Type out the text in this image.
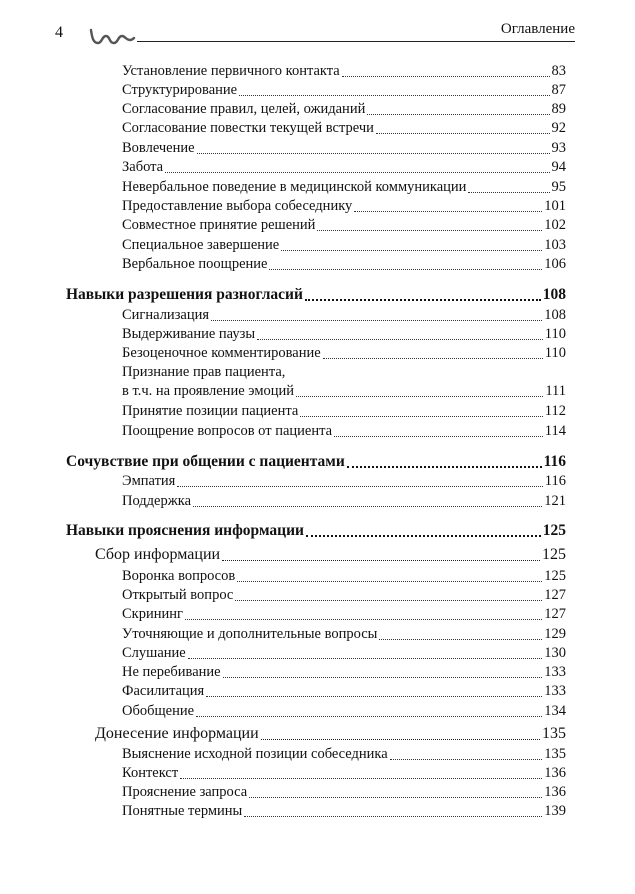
4	Оглавление
Установление первичного контакта	83
Структурирование	87
Согласование правил, целей, ожиданий	89
Согласование повестки текущей встречи	92
Вовлечение	93
Забота	94
Невербальное поведение в медицинской коммуникации	95
Предоставление выбора собеседнику	101
Совместное принятие решений	102
Специальное завершение	103
Вербальное поощрение	106
Навыки разрешения разногласий	108
Сигнализация	108
Выдерживание паузы	110
Безоценочное комментирование	110
Признание прав пациента,
в т.ч. на проявление эмоций	111
Принятие позиции пациента	112
Поощрение вопросов от пациента	114
Сочувствие при общении с пациентами	116
Эмпатия	116
Поддержка	121
Навыки прояснения информации	125
Сбор информации	125
Воронка вопросов	125
Открытый вопрос	127
Скрининг	127
Уточняющие и дополнительные вопросы	129
Слушание	130
Не перебивание	133
Фасилитация	133
Обобщение	134
Донесение информации	135
Выяснение исходной позиции собеседника	135
Контекст	136
Прояснение запроса	136
Понятные термины	139
